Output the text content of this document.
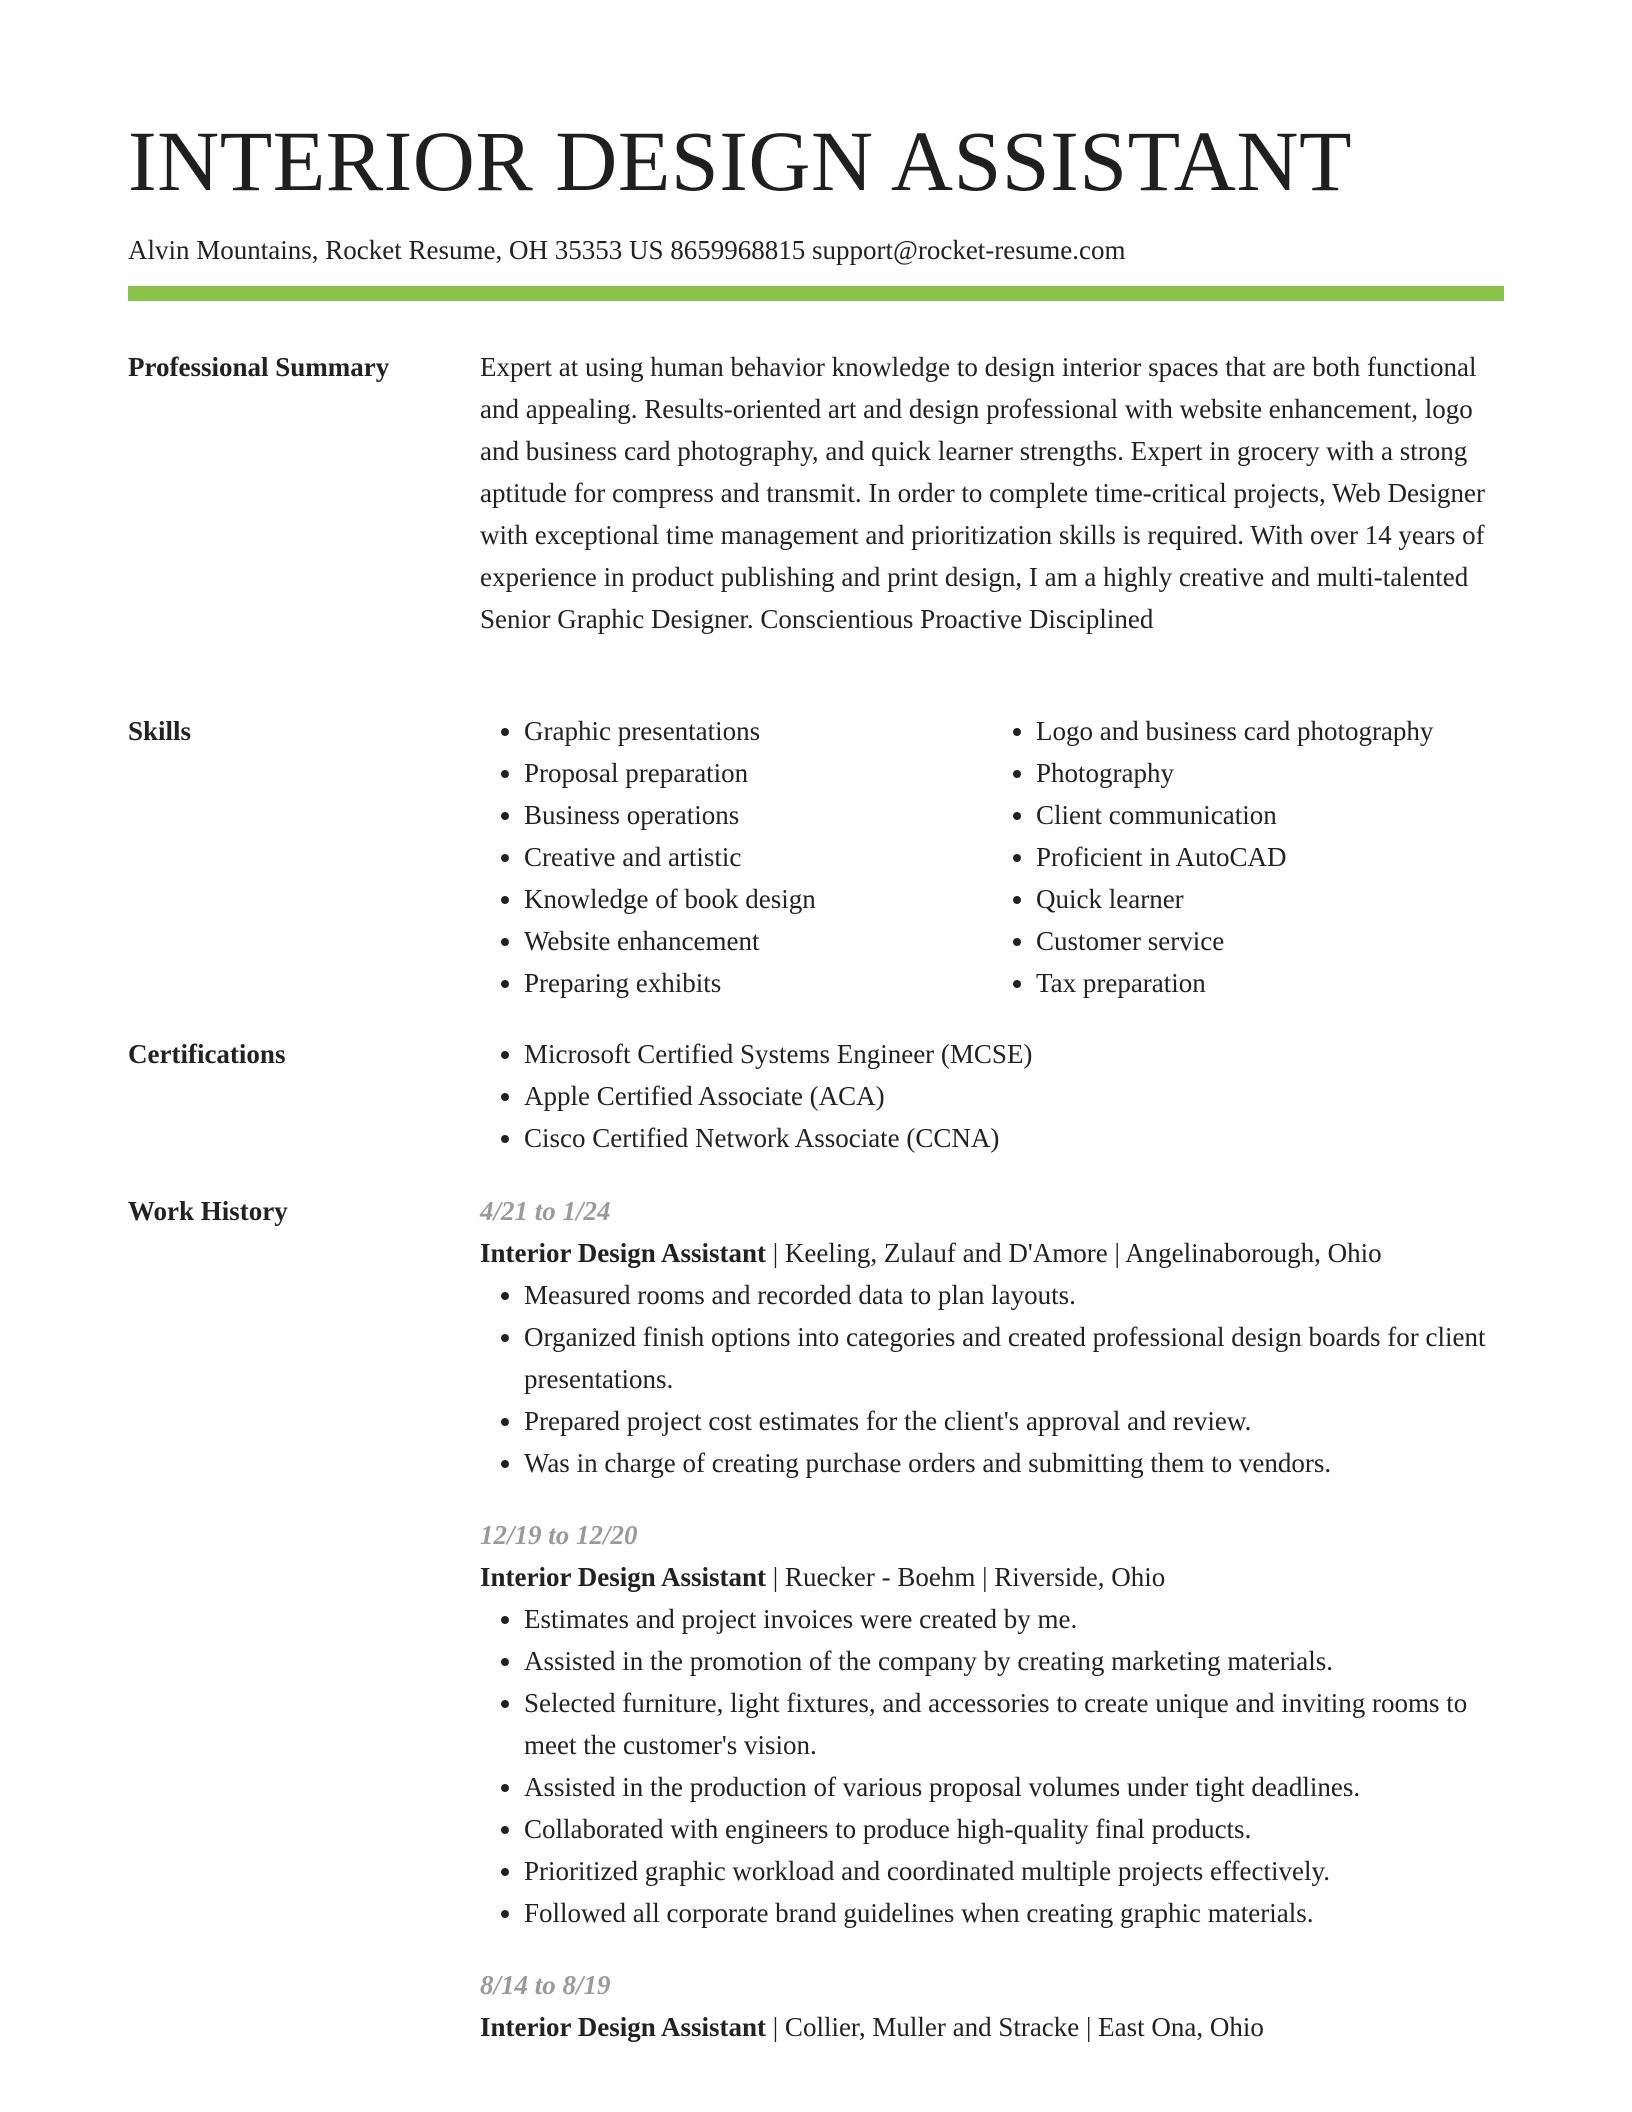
INTERIOR DESIGN ASSISTANT
Alvin Mountains, Rocket Resume, OH 35353 US 8659968815 support@rocket-resume.com
Professional Summary	Expert at using human behavior knowledge to design interior spaces that are both functional and appealing. Results-oriented art and design professional with website enhancement, logo and business card photography, and quick learner strengths. Expert in grocery with a strong aptitude for compress and transmit. In order to complete time-critical projects, Web Designer with exceptional time management and prioritization skills is required. With over 14 years of experience in product publishing and print design, I am a highly creative and multi-talented Senior Graphic Designer. Conscientious Proactive Disciplined

Skills	• Graphic presentations
• Proposal preparation
• Business operations
• Creative and artistic
• Knowledge of book design
• Website enhancement
• Preparing exhibits
• Logo and business card photography
• Photography
• Client communication
• Proficient in AutoCAD
• Quick learner
• Customer service
• Tax preparation
Certifications	• Microsoft Certified Systems Engineer (MCSE)
• Apple Certified Associate (ACA)
• Cisco Certified Network Associate (CCNA)
Work History	4/21 to 1/24

Interior Design Assistant | Keeling, Zulauf and D'Amore | Angelinaborough, Ohio

• Measured rooms and recorded data to plan layouts.
• Organized finish options into categories and created professional design boards for client presentations.
• Prepared project cost estimates for the client's approval and review.
• Was in charge of creating purchase orders and submitting them to vendors.
12/19 to 12/20

Interior Design Assistant | Ruecker - Boehm | Riverside, Ohio

• Estimates and project invoices were created by me.
• Assisted in the promotion of the company by creating marketing materials.
• Selected furniture, light fixtures, and accessories to create unique and inviting rooms to meet the customer's vision.
• Assisted in the production of various proposal volumes under tight deadlines.
• Collaborated with engineers to produce high-quality final products.
• Prioritized graphic workload and coordinated multiple projects effectively.
• Followed all corporate brand guidelines when creating graphic materials.
8/14 to 8/19

Interior Design Assistant | Collier, Muller and Stracke | East Ona, Ohio
